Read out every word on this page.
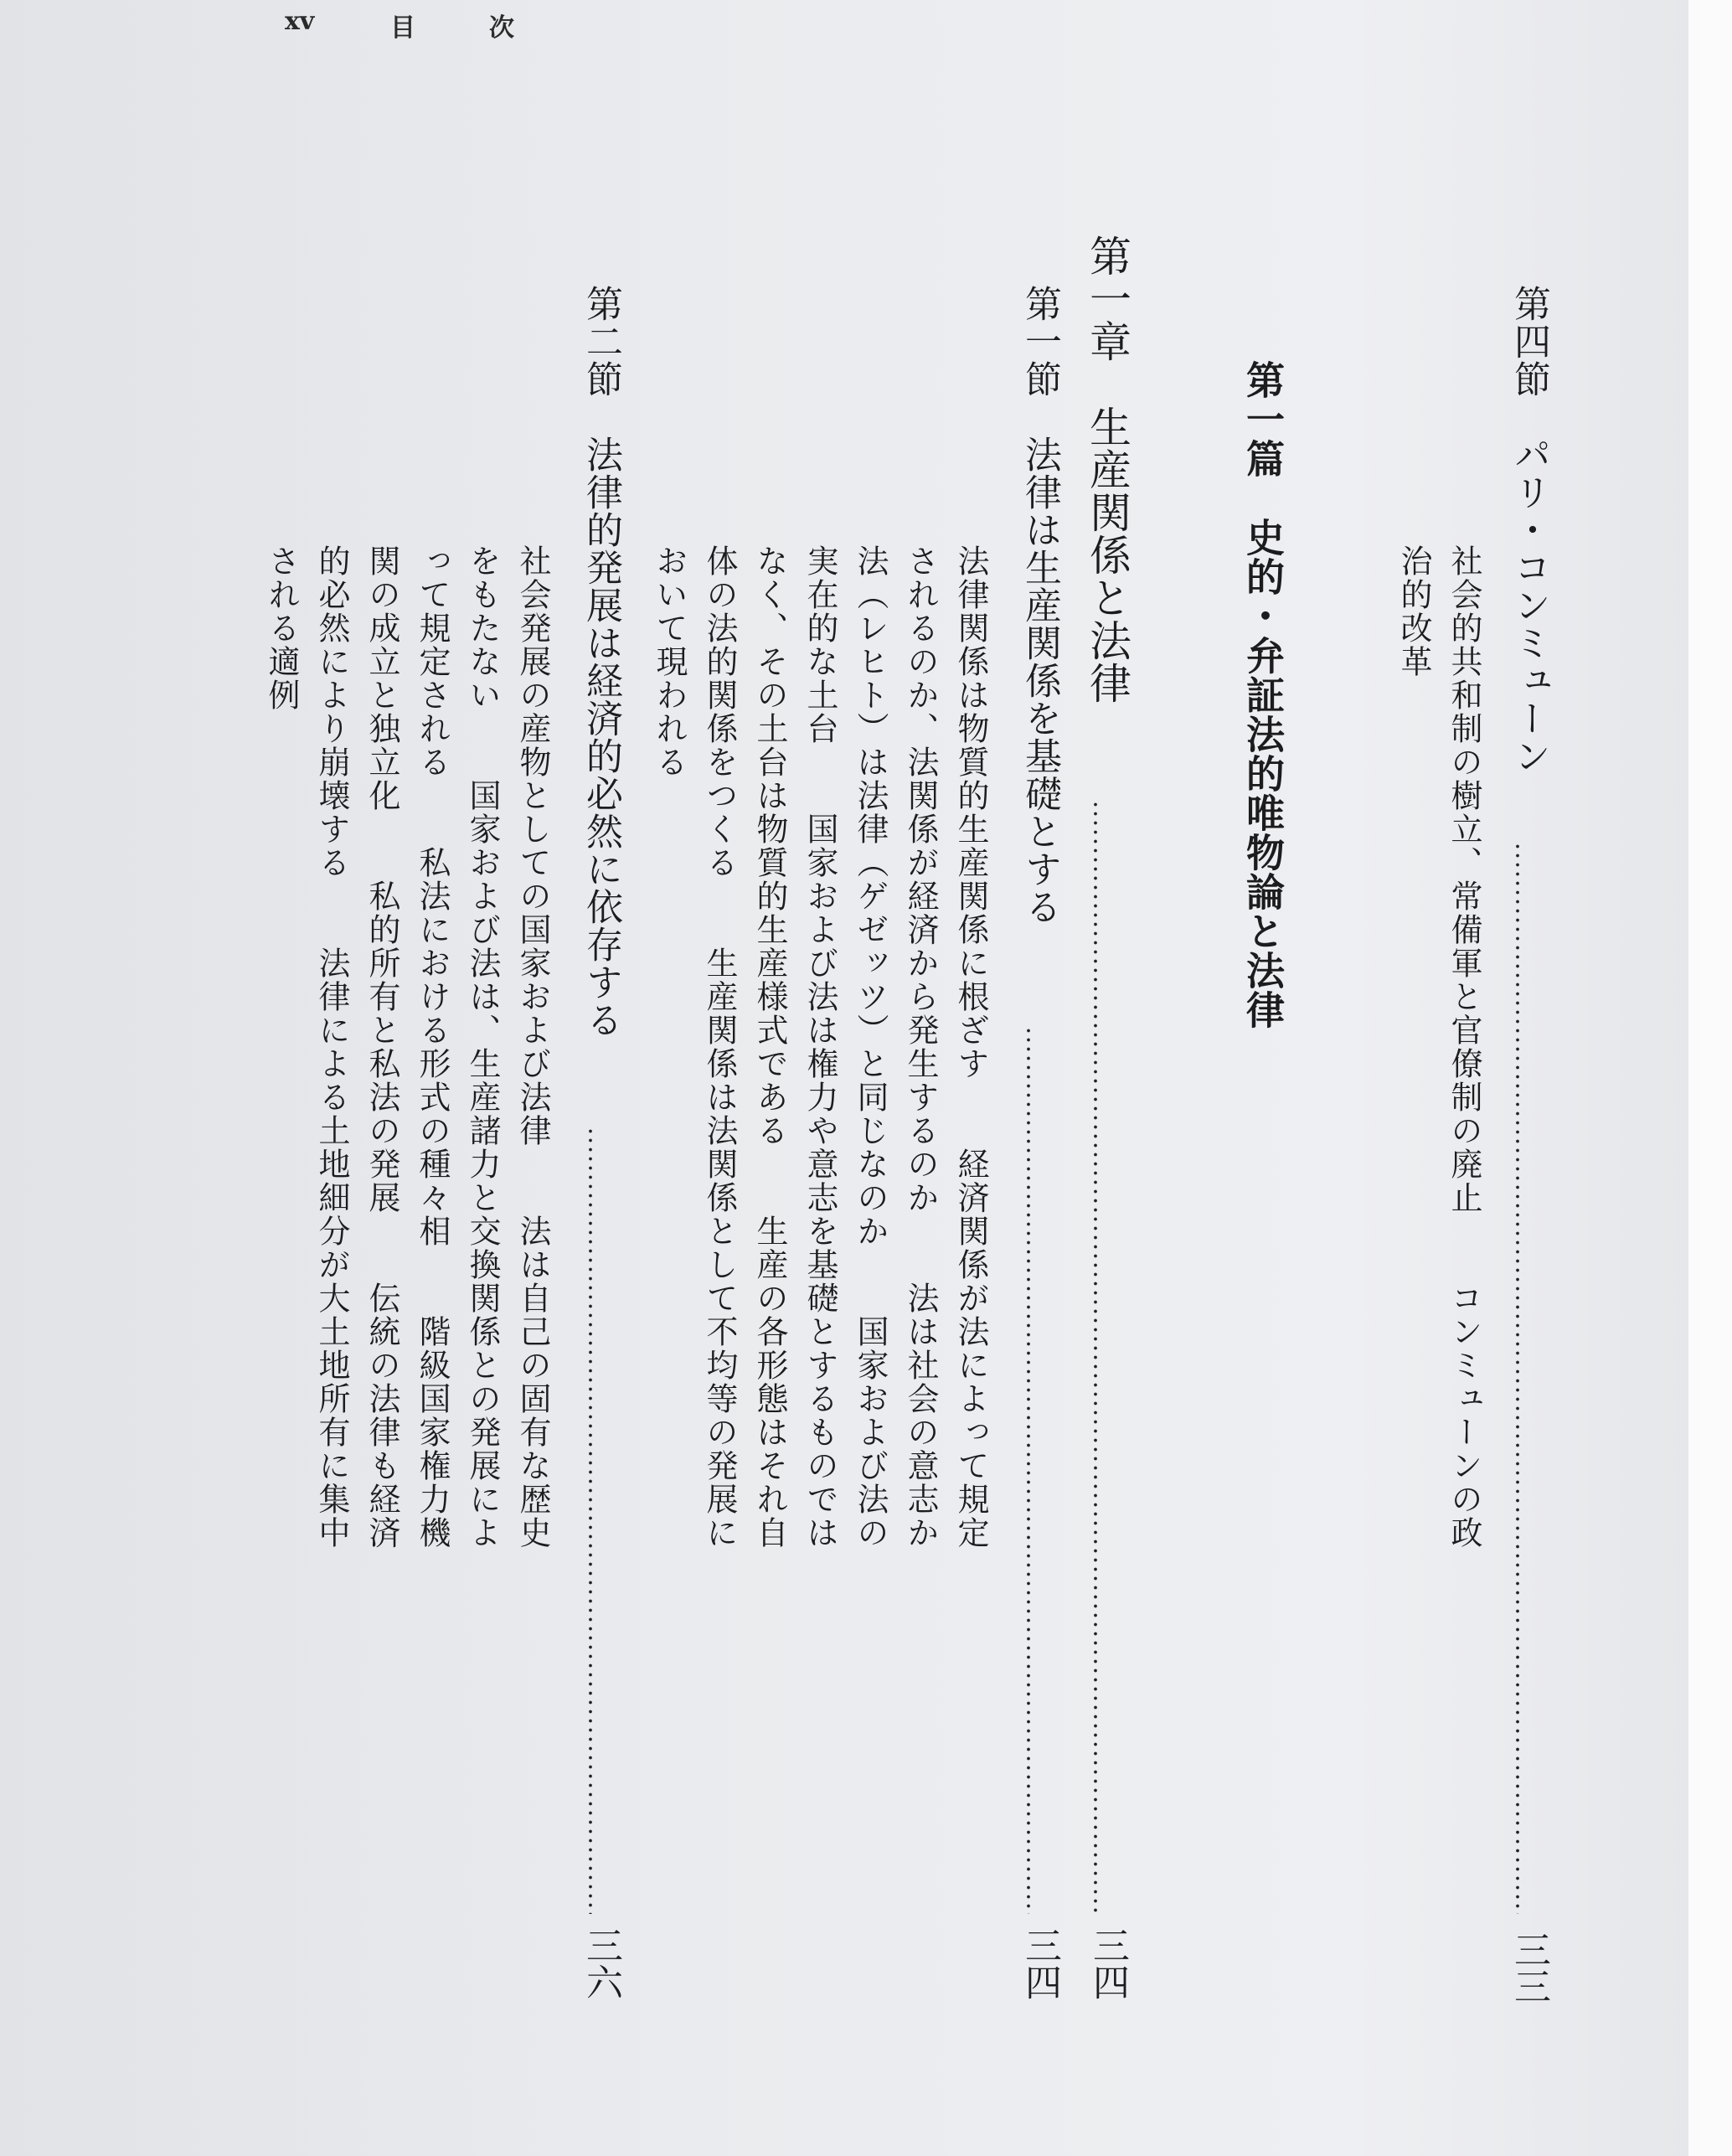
xv	目	次
第四節　パリ・コンミューン
三三
社会的共和制の樹立、常備軍と官僚制の廃止　　コンミューンの政
治的改革
第一篇　史的・弁証法的唯物論と法律
第一章　生産関係と法律
三四
第一節　法律は生産関係を基礎とする
三四
法律関係は物質的生産関係に根ざす　　経済関係が法によって規定
されるのか、法関係が経済から発生するのか　　法は社会の意志か
法（レヒト）は法律（ゲゼッツ）と同じなのか　　国家および法の
実在的な土台　　国家および法は権力や意志を基礎とするものでは
なく、その土台は物質的生産様式である　　生産の各形態はそれ自
体の法的関係をつくる　　生産関係は法関係として不均等の発展に
おいて現われる
第二節　法律的発展は経済的必然に依存する
三六
社会発展の産物としての国家および法律　　法は自己の固有な歴史
をもたない　　国家および法は、生産諸力と交換関係との発展によ
って規定される　　私法における形式の種々相　　階級国家権力機
関の成立と独立化　　私的所有と私法の発展　　伝統の法律も経済
的必然により崩壊する　　法律による土地細分が大土地所有に集中
される適例
